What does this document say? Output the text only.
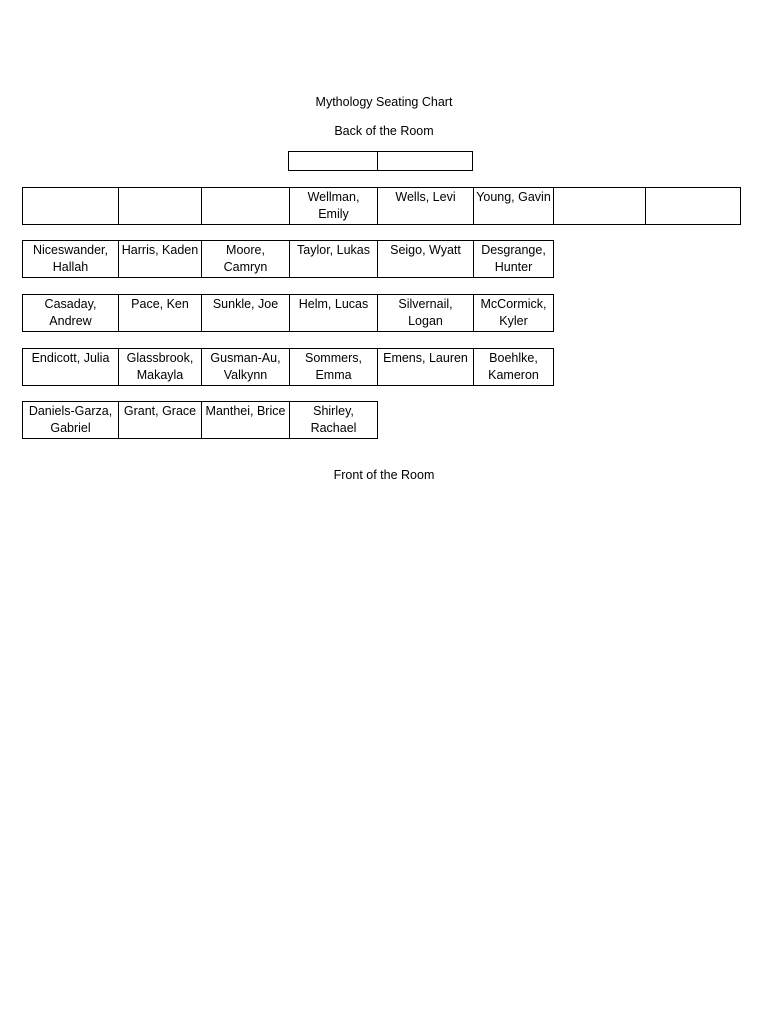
Mythology Seating Chart
Back of the Room

			Wellman, Emily	Wells, Levi	Young, Gavin		
Niceswander, Hallah	Harris, Kaden	Moore, Camryn	Taylor, Lukas	Seigo, Wyatt	Desgrange, Hunter
Casaday, Andrew	Pace, Ken	Sunkle, Joe	Helm, Lucas	Silvernail, Logan	McCormick, Kyler
Endicott, Julia	Glassbrook, Makayla	Gusman-Au, Valkynn	Sommers, Emma	Emens, Lauren	Boehlke, Kameron
Daniels-Garza, Gabriel	Grant, Grace	Manthei, Brice	Shirley, Rachael
Front of the Room
